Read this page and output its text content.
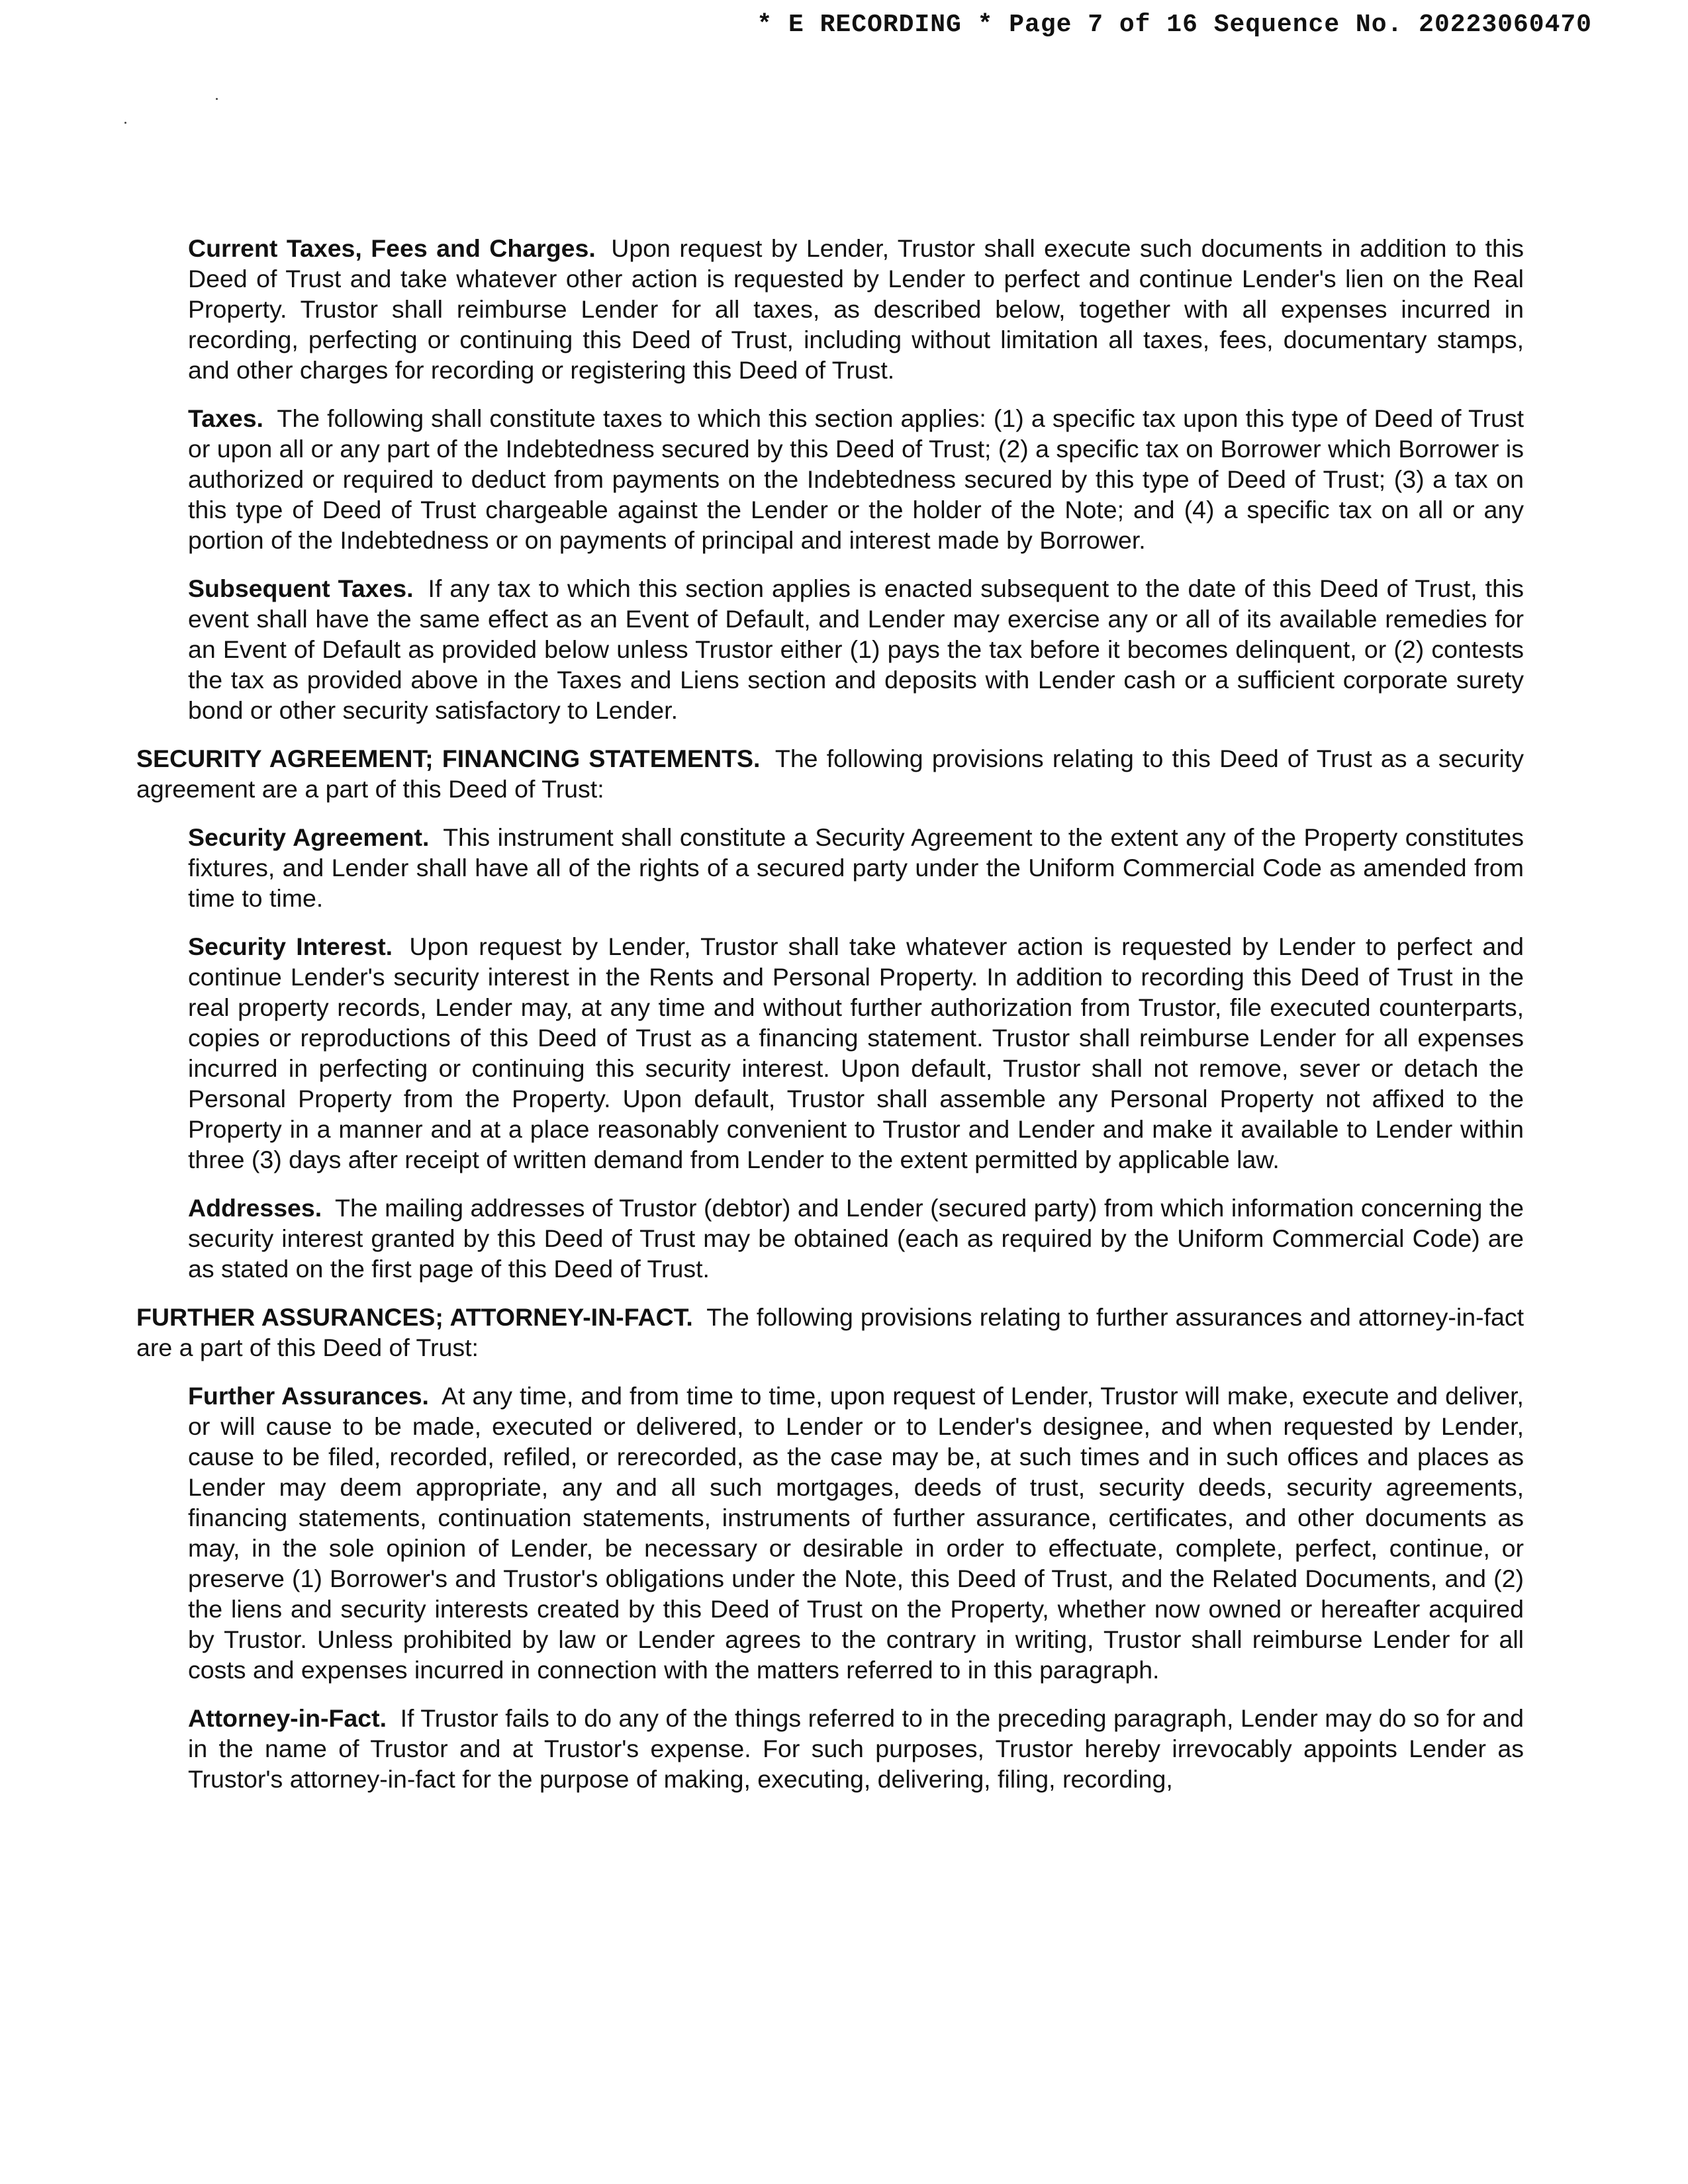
* E RECORDING * Page 7 of 16 Sequence No. 20223060470

Current Taxes, Fees and Charges. Upon request by Lender, Trustor shall execute such documents in addition to this Deed of Trust and take whatever other action is requested by Lender to perfect and continue Lender's lien on the Real Property. Trustor shall reimburse Lender for all taxes, as described below, together with all expenses incurred in recording, perfecting or continuing this Deed of Trust, including without limitation all taxes, fees, documentary stamps, and other charges for recording or registering this Deed of Trust.

Taxes. The following shall constitute taxes to which this section applies: (1) a specific tax upon this type of Deed of Trust or upon all or any part of the Indebtedness secured by this Deed of Trust; (2) a specific tax on Borrower which Borrower is authorized or required to deduct from payments on the Indebtedness secured by this type of Deed of Trust; (3) a tax on this type of Deed of Trust chargeable against the Lender or the holder of the Note; and (4) a specific tax on all or any portion of the Indebtedness or on payments of principal and interest made by Borrower.

Subsequent Taxes. If any tax to which this section applies is enacted subsequent to the date of this Deed of Trust, this event shall have the same effect as an Event of Default, and Lender may exercise any or all of its available remedies for an Event of Default as provided below unless Trustor either (1) pays the tax before it becomes delinquent, or (2) contests the tax as provided above in the Taxes and Liens section and deposits with Lender cash or a sufficient corporate surety bond or other security satisfactory to Lender.

SECURITY AGREEMENT; FINANCING STATEMENTS. The following provisions relating to this Deed of Trust as a security agreement are a part of this Deed of Trust:

Security Agreement. This instrument shall constitute a Security Agreement to the extent any of the Property constitutes fixtures, and Lender shall have all of the rights of a secured party under the Uniform Commercial Code as amended from time to time.

Security Interest. Upon request by Lender, Trustor shall take whatever action is requested by Lender to perfect and continue Lender's security interest in the Rents and Personal Property. In addition to recording this Deed of Trust in the real property records, Lender may, at any time and without further authorization from Trustor, file executed counterparts, copies or reproductions of this Deed of Trust as a financing statement. Trustor shall reimburse Lender for all expenses incurred in perfecting or continuing this security interest. Upon default, Trustor shall not remove, sever or detach the Personal Property from the Property. Upon default, Trustor shall assemble any Personal Property not affixed to the Property in a manner and at a place reasonably convenient to Trustor and Lender and make it available to Lender within three (3) days after receipt of written demand from Lender to the extent permitted by applicable law.

Addresses. The mailing addresses of Trustor (debtor) and Lender (secured party) from which information concerning the security interest granted by this Deed of Trust may be obtained (each as required by the Uniform Commercial Code) are as stated on the first page of this Deed of Trust.

FURTHER ASSURANCES; ATTORNEY-IN-FACT. The following provisions relating to further assurances and attorney-in-fact are a part of this Deed of Trust:

Further Assurances. At any time, and from time to time, upon request of Lender, Trustor will make, execute and deliver, or will cause to be made, executed or delivered, to Lender or to Lender's designee, and when requested by Lender, cause to be filed, recorded, refiled, or rerecorded, as the case may be, at such times and in such offices and places as Lender may deem appropriate, any and all such mortgages, deeds of trust, security deeds, security agreements, financing statements, continuation statements, instruments of further assurance, certificates, and other documents as may, in the sole opinion of Lender, be necessary or desirable in order to effectuate, complete, perfect, continue, or preserve (1) Borrower's and Trustor's obligations under the Note, this Deed of Trust, and the Related Documents, and (2) the liens and security interests created by this Deed of Trust on the Property, whether now owned or hereafter acquired by Trustor. Unless prohibited by law or Lender agrees to the contrary in writing, Trustor shall reimburse Lender for all costs and expenses incurred in connection with the matters referred to in this paragraph.

Attorney-in-Fact. If Trustor fails to do any of the things referred to in the preceding paragraph, Lender may do so for and in the name of Trustor and at Trustor's expense. For such purposes, Trustor hereby irrevocably appoints Lender as Trustor's attorney-in-fact for the purpose of making, executing, delivering, filing, recording,
